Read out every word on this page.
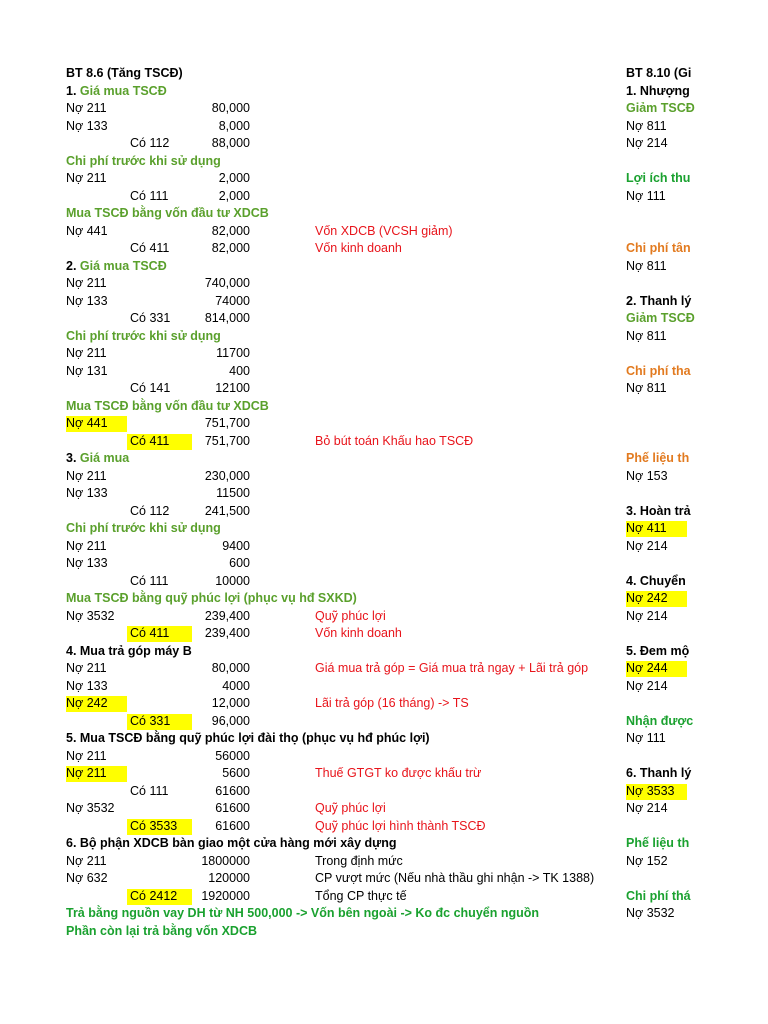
BT 8.6 (Tăng TSCĐ)
1. Giá mua TSCĐ
Nợ 211	80,000
Nợ 133	8,000
Có 112	88,000
Chi phí trước khi sử dụng
Nợ 211	2,000
Có 111	2,000
Mua TSCĐ bằng vốn đầu tư XDCB
Nợ 441	82,000	Vốn XDCB (VCSH giảm)
Có 411	82,000	Vốn kinh doanh
2. Giá mua TSCĐ
Nợ 211	740,000
Nợ 133	74000
Có 331	814,000
Chi phí trước khi sử dụng
Nợ 211	11700
Nợ 131	400
Có 141	12100
Mua TSCĐ bằng vốn đầu tư XDCB
Nợ 441	751,700
Có 411	751,700	Bỏ bút toán Khấu hao TSCĐ
3. Giá mua
Nợ 211	230,000
Nợ 133	11500
Có 112	241,500
Chi phí trước khi sử dụng
Nợ 211	9400
Nợ 133	600
Có 111	10000
Mua TSCĐ bằng quỹ phúc lợi (phục vụ hđ SXKD)
Nợ 3532	239,400	Quỹ phúc lợi
Có 411	239,400	Vốn kinh doanh
4. Mua trả góp máy B
Nợ 211	80,000	Giá mua trả góp = Giá mua trả ngay + Lãi trả góp
Nợ 133	4000
Nợ 242	12,000	Lãi trả góp (16 tháng) -> TS
Có 331	96,000
5. Mua TSCĐ bằng quỹ phúc lợi đài thọ (phục vụ hđ phúc lợi)
Nợ 211	56000
Nợ 211	5600	Thuế GTGT ko được khấu trừ
Có 111	61600
Nợ 3532	61600	Quỹ phúc lợi
Có 3533	61600	Quỹ phúc lợi hình thành TSCĐ
6. Bộ phận XDCB bàn giao một cửa hàng mới xây dựng
Nợ 211	1800000	Trong định mức
Nợ 632	120000	CP vượt mức (Nếu nhà thầu ghi nhận -> TK 1388)
Có 2412 1920000	Tổng CP thực tế
Trả bằng nguồn vay DH từ NH 500,000 -> Vốn bên ngoài -> Ko đc chuyển nguồn
Phần còn lại trả bằng vốn XDCB
BT 8.10 (Gi
1. Nhượng
Giảm TSCĐ
Nợ 811
Nợ 214
Lợi ích thu
Nợ 111
Chi phí tân
Nợ 811
2. Thanh lý
Giảm TSCĐ
Nợ 811
Chi phí tha
Nợ 811
Phế liệu th
Nợ 153
3. Hoàn trả
Nợ 411
Nợ 214
4. Chuyển
Nợ 242
Nợ 214
5. Đem mộ
Nợ 244
Nợ 214
Nhận được
Nợ 111
6. Thanh lý
Nợ 3533
Nợ 214
Phế liệu th
Nợ 152
Chi phí thá
Nợ 3532
